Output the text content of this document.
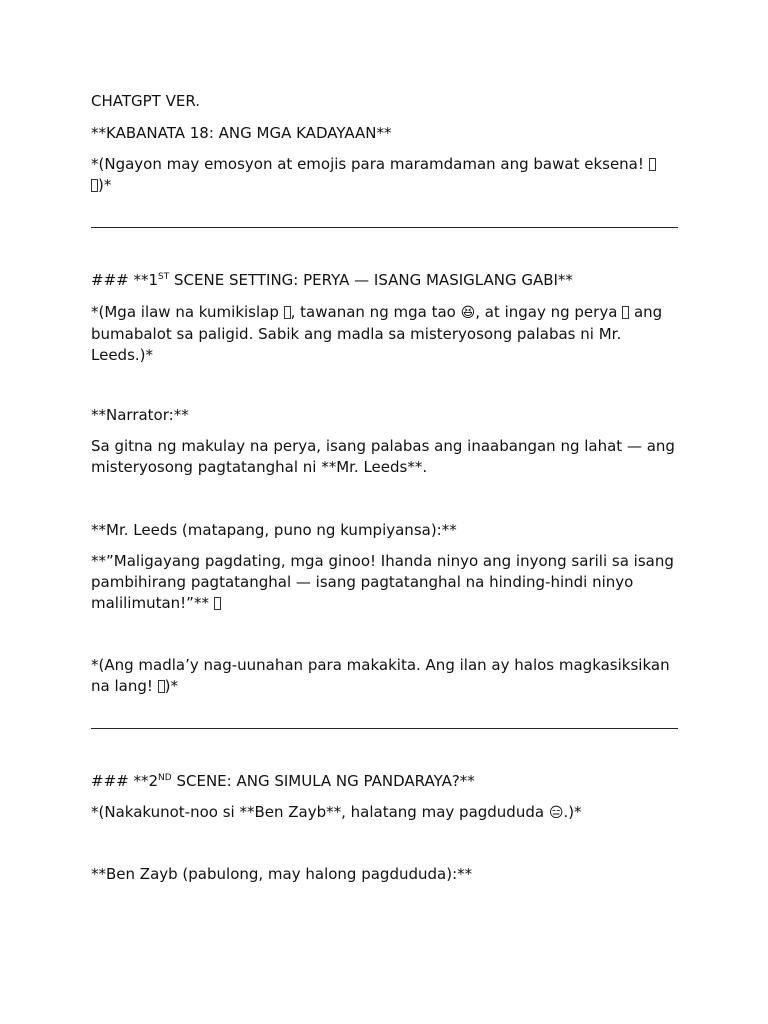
CHATGPT VER.

**KABANATA 18: ANG MGA KADAYAAN**

*(Ngayon may emosyon at emojis para maramdaman ang bawat eksena!
)*

### **1ST SCENE SETTING: PERYA — ISANG MASIGLANG GABI**

*(Mga ilaw na kumikislap , tawanan ng mga tao 😆, at ingay ng perya  ang bumabalot sa paligid. Sabik ang madla sa misteryosong palabas ni Mr. Leeds.)*

**Narrator:**

Sa gitna ng makulay na perya, isang palabas ang inaabangan ng lahat — ang misteryosong pagtatanghal ni **Mr. Leeds**.

**Mr. Leeds (matapang, puno ng kumpiyansa):**

**”Maligayang pagdating, mga ginoo! Ihanda ninyo ang inyong sarili sa isang pambihirang pagtatanghal — isang pagtatanghal na hinding-hindi ninyo malilimutan!”**

*(Ang madla’y nag-uunahan para makakita. Ang ilan ay halos magkasiksikan na lang! )*

### **2ND SCENE: ANG SIMULA NG PANDARAYA?**

*(Nakakunot-noo si **Ben Zayb**, halatang may pagdududa 😑.)*

**Ben Zayb (pabulong, may halong pagdududa):**
